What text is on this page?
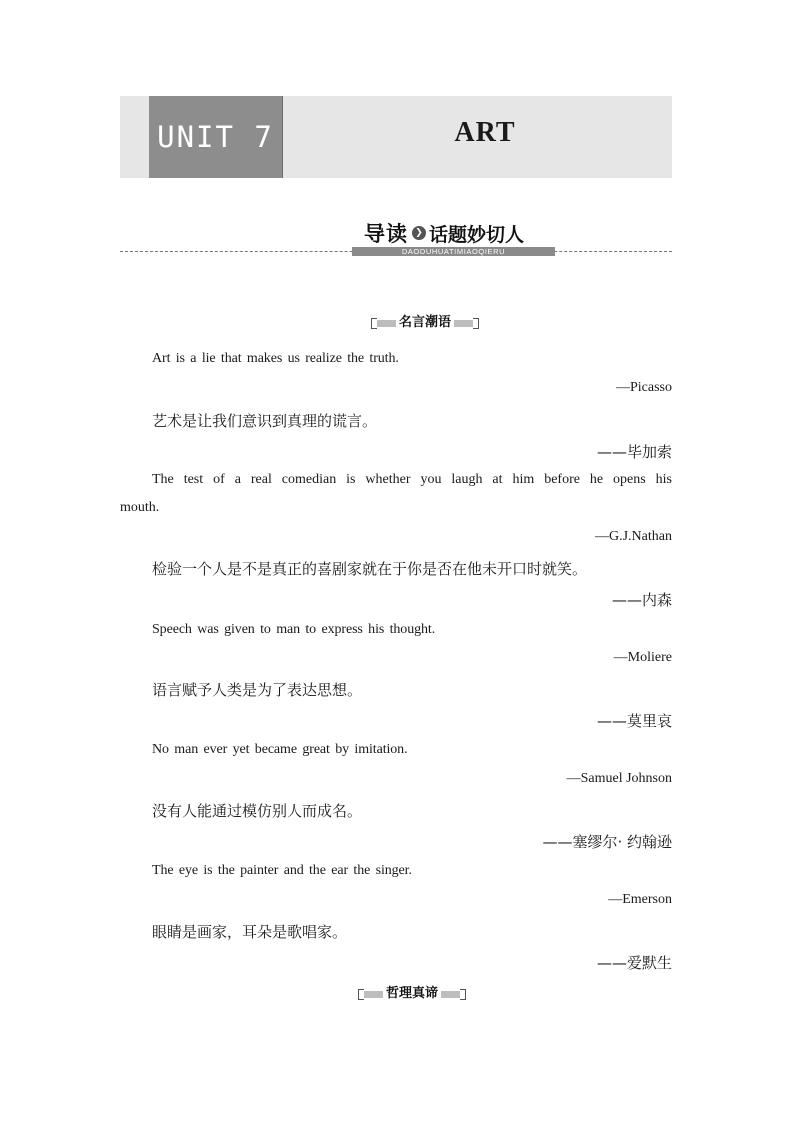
UNIT 7	ART
导读 ❯ 话题妙切人
DAODUHUATIMIAOQIERU
名言潮语
Art is a lie that makes us realize the truth.
—Picasso
艺术是让我们意识到真理的谎言。
——毕加索
The test of a real comedian is whether you laugh at him before he opens his mouth.
—G.J.Nathan
检验一个人是不是真正的喜剧家就在于你是否在他未开口时就笑。
——内森
Speech was given to man to express his thought.
—Moliere
语言赋予人类是为了表达思想。
——莫里哀
No man ever yet became great by imitation.
—Samuel Johnson
没有人能通过模仿别人而成名。
——塞缪尔· 约翰逊
The eye is the painter and the ear the singer.
—Emerson
眼睛是画家，耳朵是歌唱家。
——爱默生
哲理真谛
